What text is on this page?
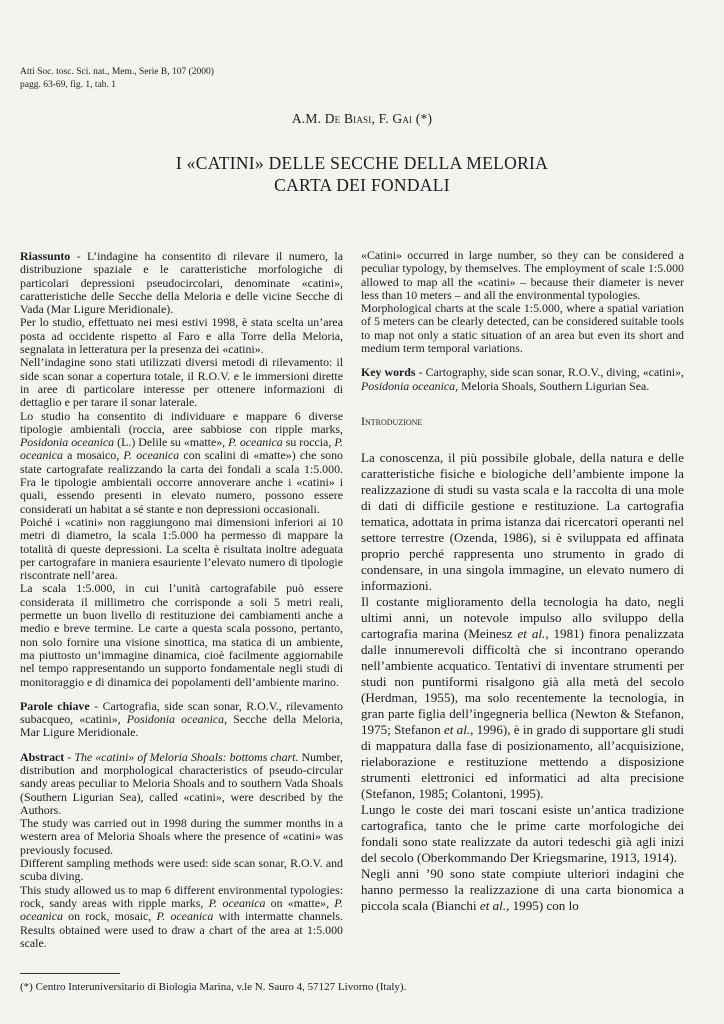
Atti Soc. tosc. Sci. nat., Mem., Serie B, 107 (2000)
pagg. 63-69, fig. 1, tab. 1
A.M. De Biasi, F. Gai (*)
I «CATINI» DELLE SECCHE DELLA MELORIA
CARTA DEI FONDALI

Riassunto - L’indagine ha consentito di rilevare il numero, la distribuzione spaziale e le caratteristiche morfologiche di particolari depressioni pseudocircolari, denominate «catini», caratteristiche delle Secche della Meloria e delle vicine Secche di Vada (Mar Ligure Meridionale).

Per lo studio, effettuato nei mesi estivi 1998, è stata scelta un’area posta ad occidente rispetto al Faro e alla Torre della Meloria, segnalata in letteratura per la presenza dei «catini».

Nell’indagine sono stati utilizzati diversi metodi di rilevamento: il side scan sonar a copertura totale, il R.O.V. e le immersioni dirette in aree di particolare interesse per ottenere informazioni di dettaglio e per tarare il sonar laterale.

Lo studio ha consentito di individuare e mappare 6 diverse tipologie ambientali (roccia, aree sabbiose con ripple marks, Posidonia oceanica (L.) Delile su «matte», P. oceanica su roccia, P. oceanica a mosaico, P. oceanica con scalini di «matte») che sono state cartografate realizzando la carta dei fondali a scala 1:5.000. Fra le tipologie ambientali occorre annoverare anche i «catini» i quali, essendo presenti in elevato numero, possono essere considerati un habitat a sé stante e non depressioni occasionali.

Poiché i «catini» non raggiungono mai dimensioni inferiori ai 10 metri di diametro, la scala 1:5.000 ha permesso di mappare la totalità di queste depressioni. La scelta è risultata inoltre adeguata per cartografare in maniera esauriente l’elevato numero di tipologie riscontrate nell’area.

La scala 1:5.000, in cui l’unità cartografabile può essere considerata il millimetro che corrisponde a soli 5 metri reali, permette un buon livello di restituzione dei cambiamenti anche a medio e breve termine. Le carte a questa scala possono, pertanto, non solo fornire una visione sinottica, ma statica di un ambiente, ma piuttosto un’immagine dinamica, cioè facilmente aggiornabile nel tempo rappresentando un supporto fondamentale negli studi di monitoraggio e di dinamica dei popolamenti dell’ambiente marino.

Parole chiave - Cartografia, side scan sonar, R.O.V., rilevamento subacqueo, «catini», Posidonia oceanica, Secche della Meloria, Mar Ligure Meridionale.

Abstract - The «catini» of Meloria Shoals: bottoms chart. Number, distribution and morphological characteristics of pseudo-circular sandy areas peculiar to Meloria Shoals and to southern Vada Shoals (Southern Ligurian Sea), called «catini», were described by the Authors.

The study was carried out in 1998 during the summer months in a western area of Meloria Shoals where the presence of «catini» was previously focused.

Different sampling methods were used: side scan sonar, R.O.V. and scuba diving.

This study allowed us to map 6 different environmental typologies: rock, sandy areas with ripple marks, P. oceanica on «matte», P. oceanica on rock, mosaic, P. oceanica with intermatte channels. Results obtained were used to draw a chart of the area at 1:5.000 scale.

«Catini» occurred in large number, so they can be considered a peculiar typology, by themselves. The employment of scale 1:5.000 allowed to map all the «catini» – because their diameter is never less than 10 meters – and all the environmental typologies.

Morphological charts at the scale 1:5.000, where a spatial variation of 5 meters can be clearly detected, can be considered suitable tools to map not only a static situation of an area but even its short and medium term temporal variations.

Key words - Cartography, side scan sonar, R.O.V., diving, «catini», Posidonia oceanica, Meloria Shoals, Southern Ligurian Sea.

Introduzione

La conoscenza, il più possibile globale, della natura e delle caratteristiche fisiche e biologiche dell’ambiente impone la realizzazione di studi su vasta scala e la raccolta di una mole di dati di difficile gestione e restituzione. La cartografia tematica, adottata in prima istanza dai ricercatori operanti nel settore terrestre (Ozenda, 1986), si è sviluppata ed affinata proprio perché rappresenta uno strumento in grado di condensare, in una singola immagine, un elevato numero di informazioni.

Il costante miglioramento della tecnologia ha dato, negli ultimi anni, un notevole impulso allo sviluppo della cartografia marina (Meinesz et al., 1981) finora penalizzata dalle innumerevoli difficoltà che si incontrano operando nell’ambiente acquatico. Tentativi di inventare strumenti per studi non puntiformi risalgono già alla metà del secolo (Herdman, 1955), ma solo recentemente la tecnologia, in gran parte figlia dell’ingegneria bellica (Newton & Stefanon, 1975; Stefanon et al., 1996), è in grado di supportare gli studi di mappatura dalla fase di posizionamento, all’acquisizione, rielaborazione e restituzione mettendo a disposizione strumenti elettronici ed informatici ad alta precisione (Stefanon, 1985; Colantoni, 1995).

Lungo le coste dei mari toscani esiste un’antica tradizione cartografica, tanto che le prime carte morfologiche dei fondali sono state realizzate da autori tedeschi già agli inizi del secolo (Oberkommando Der Kriegsmarine, 1913, 1914).

Negli anni ’90 sono state compiute ulteriori indagini che hanno permesso la realizzazione di una carta bionomica a piccola scala (Bianchi et al., 1995) con lo

(*) Centro Interuniversitario di Biologia Marina, v.le N. Sauro 4, 57127 Livorno (Italy).
